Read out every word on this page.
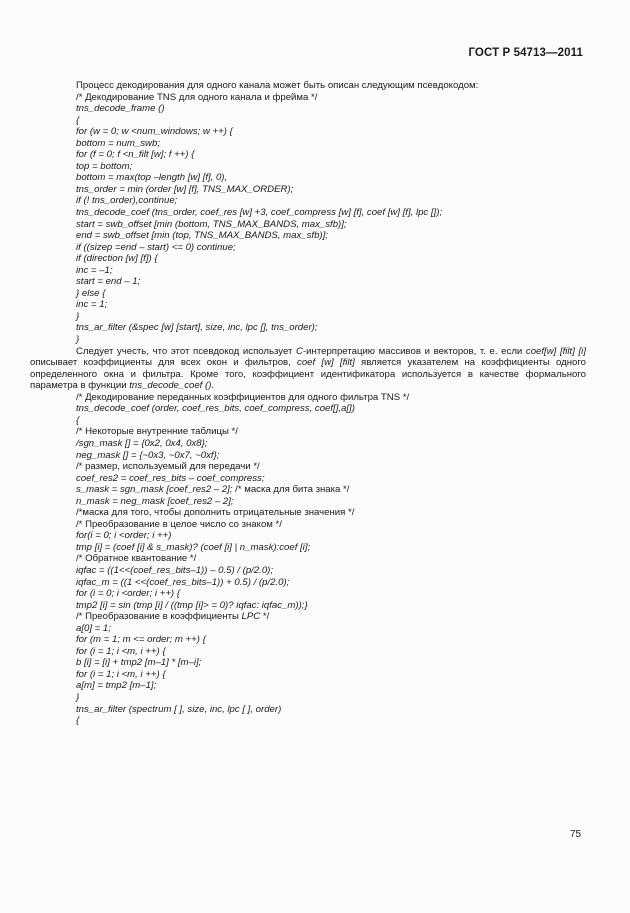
ГОСТ Р 54713—2011
Процесс декодирования для одного канала может быть описан следующим псевдокодом:
/* Декодирование TNS для одного канала и фрейма */
tns_decode_frame ()
{
for (w = 0; w <num_windows; w ++) {
bottom = num_swb;
for (f = 0; f <n_filt [w]; f ++) {
top = bottom;
bottom = max(top –length [w] [f], 0),
tns_order = min (order [w] [f], TNS_MAX_ORDER);
if (! tns_order),continue;
tns_decode_coef (tns_order, coef_res [w] +3, coef_compress [w] [f], coef [w] [f], lpc []);
start = swb_offset [min (bottom, TNS_MAX_BANDS, max_sfb)];
end = swb_offset [min (top, TNS_MAX_BANDS, max_sfb)];
if ((sizep =end – start) <= 0) continue;
if (direction [w] [f]) {
inc = –1;
start = end – 1;
} else {
inc = 1;
}
tns_ar_filter (&spec [w] [start], size, inc, lpc [], tns_order);
}
Следует учесть, что этот псевдокод использует C-интерпретацию массивов и векторов, т. е. если coef[w] [filt] [i] описывает коэффициенты для всех окон и фильтров, coef [w] [filt] является указателем на коэффициенты одного определенного окна и фильтра. Кроме того, коэффициент идентификатора используется в качестве формального параметра в функции tns_decode_coef ().
/* Декодирование переданных коэффициентов для одного фильтра TNS */
tns_decode_coef (order, coef_res_bits, coef_compress, coef[],a[])
{
/* Некоторые внутренние таблицы */
/sgn_mask [] = {0x2, 0x4, 0x8};
neg_mask [] = {~0x3, ~0x7, ~0xf};
/* размер, используемый для передачи */
coef_res2 = coef_res_bits – coef_compress;
s_mask = sgn_mask [coef_res2 – 2]; /* маска для бита знака */
n_mask = neg_mask [coef_res2 – 2];
/*маска для того, чтобы дополнить отрицательные значения */
/* Преобразование в целое число со знаком */
for(i = 0; i <order; i ++)
tmp [i] = (coef [i] & s_mask)? (coef [i] | n_mask):coef [i];
/* Обратное квантование */
iqfac = ((1<<(coef_res_bits–1)) – 0.5) / (p/2.0);
iqfac_m = ((1 <<(coef_res_bits–1)) + 0.5) / (p/2.0);
for (i = 0; i <order; i ++) {
tmp2 [i] = sin (tmp [i] / ((tmp [i]> = 0)? iqfac: iqfac_m));}
/* Преобразование в коэффициенты LPC */
a[0] = 1;
for (m = 1; m <= order; m ++) {
for (i = 1; i <m, i ++) {
b [i] = [i] + tmp2 [m–1] * [m–i];
for (i = 1; i <m, i ++) {
a[m] = tmp2 [m–1];
}
tns_ar_filter (spectrum [ ], size, inc, lpc [ ], order)
{
75
